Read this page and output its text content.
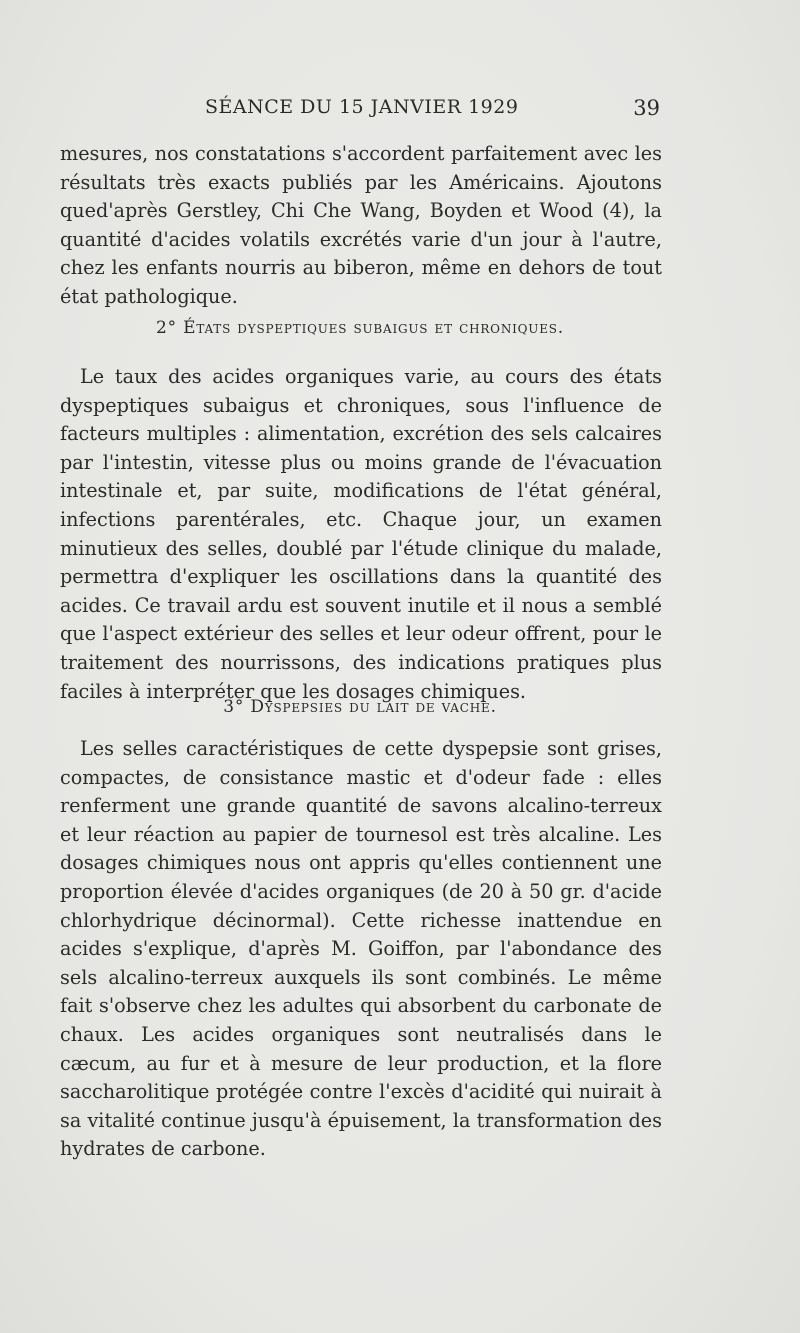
SÉANCE DU 15 JANVIER 1929	39

mesures, nos constatations s'accordent parfaitement avec les résultats très exacts publiés par les Américains. Ajoutons qued'après Gerstley, Chi Che Wang, Boyden et Wood (4), la quantité d'acides volatils excrétés varie d'un jour à l'autre, chez les enfants nourris au biberon, même en dehors de tout état pathologique.

2° États dyspeptiques subaigus et chroniques.

Le taux des acides organiques varie, au cours des états dyspeptiques subaigus et chroniques, sous l'influence de facteurs multiples : alimentation, excrétion des sels calcaires par l'intestin, vitesse plus ou moins grande de l'évacuation intestinale et, par suite, modifications de l'état général, infections parentérales, etc. Chaque jour, un examen minutieux des selles, doublé par l'étude clinique du malade, permettra d'expliquer les oscillations dans la quantité des acides. Ce travail ardu est souvent inutile et il nous a semblé que l'aspect extérieur des selles et leur odeur offrent, pour le traitement des nourrissons, des indications pratiques plus faciles à interpréter que les dosages chimiques.

3° Dyspepsies du lait de vache.

Les selles caractéristiques de cette dyspepsie sont grises, compactes, de consistance mastic et d'odeur fade : elles renferment une grande quantité de savons alcalino-terreux et leur réaction au papier de tournesol est très alcaline. Les dosages chimiques nous ont appris qu'elles contiennent une proportion élevée d'acides organiques (de 20 à 50 gr. d'acide chlorhydrique décinormal). Cette richesse inattendue en acides s'explique, d'après M. Goiffon, par l'abondance des sels alcalino-terreux auxquels ils sont combinés. Le même fait s'observe chez les adultes qui absorbent du carbonate de chaux. Les acides organiques sont neutralisés dans le cæcum, au fur et à mesure de leur production, et la flore saccharolitique protégée contre l'excès d'acidité qui nuirait à sa vitalité continue jusqu'à épuisement, la transformation des hydrates de carbone.
